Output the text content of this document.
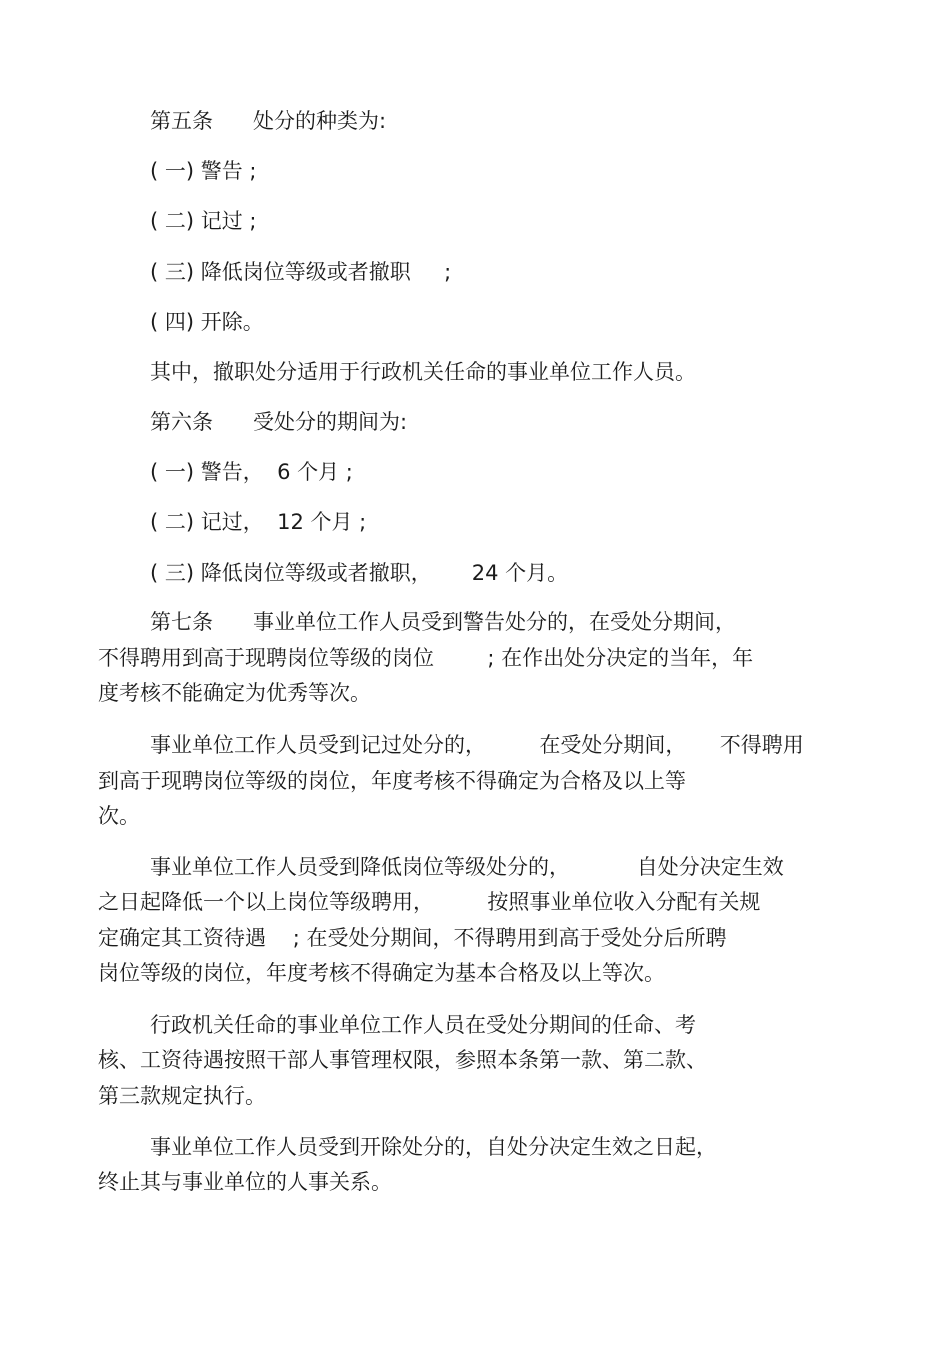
第五条      处分的种类为:

( 一) 警告 ;

( 二) 记过 ;

( 三) 降低岗位等级或者撤职     ;

( 四) 开除。

其中，撤职处分适用于行政机关任命的事业单位工作人员。

第六条      受处分的期间为:

( 一) 警告，  6 个月 ;

( 二) 记过，  12 个月 ;

( 三) 降低岗位等级或者撤职，      24 个月。

第七条      事业单位工作人员受到警告处分的，在受处分期间，

不得聘用到高于现聘岗位等级的岗位        ; 在作出处分决定的当年，年

度考核不能确定为优秀等次。

事业单位工作人员受到记过处分的，        在受处分期间，     不得聘用

到高于现聘岗位等级的岗位，年度考核不得确定为合格及以上等

次。

事业单位工作人员受到降低岗位等级处分的，          自处分决定生效

之日起降低一个以上岗位等级聘用，        按照事业单位收入分配有关规

定确定其工资待遇    ; 在受处分期间，不得聘用到高于受处分后所聘

岗位等级的岗位，年度考核不得确定为基本合格及以上等次。

行政机关任命的事业单位工作人员在受处分期间的任命、考

核、工资待遇按照干部人事管理权限，参照本条第一款、第二款、

第三款规定执行。

事业单位工作人员受到开除处分的，自处分决定生效之日起，

终止其与事业单位的人事关系。
